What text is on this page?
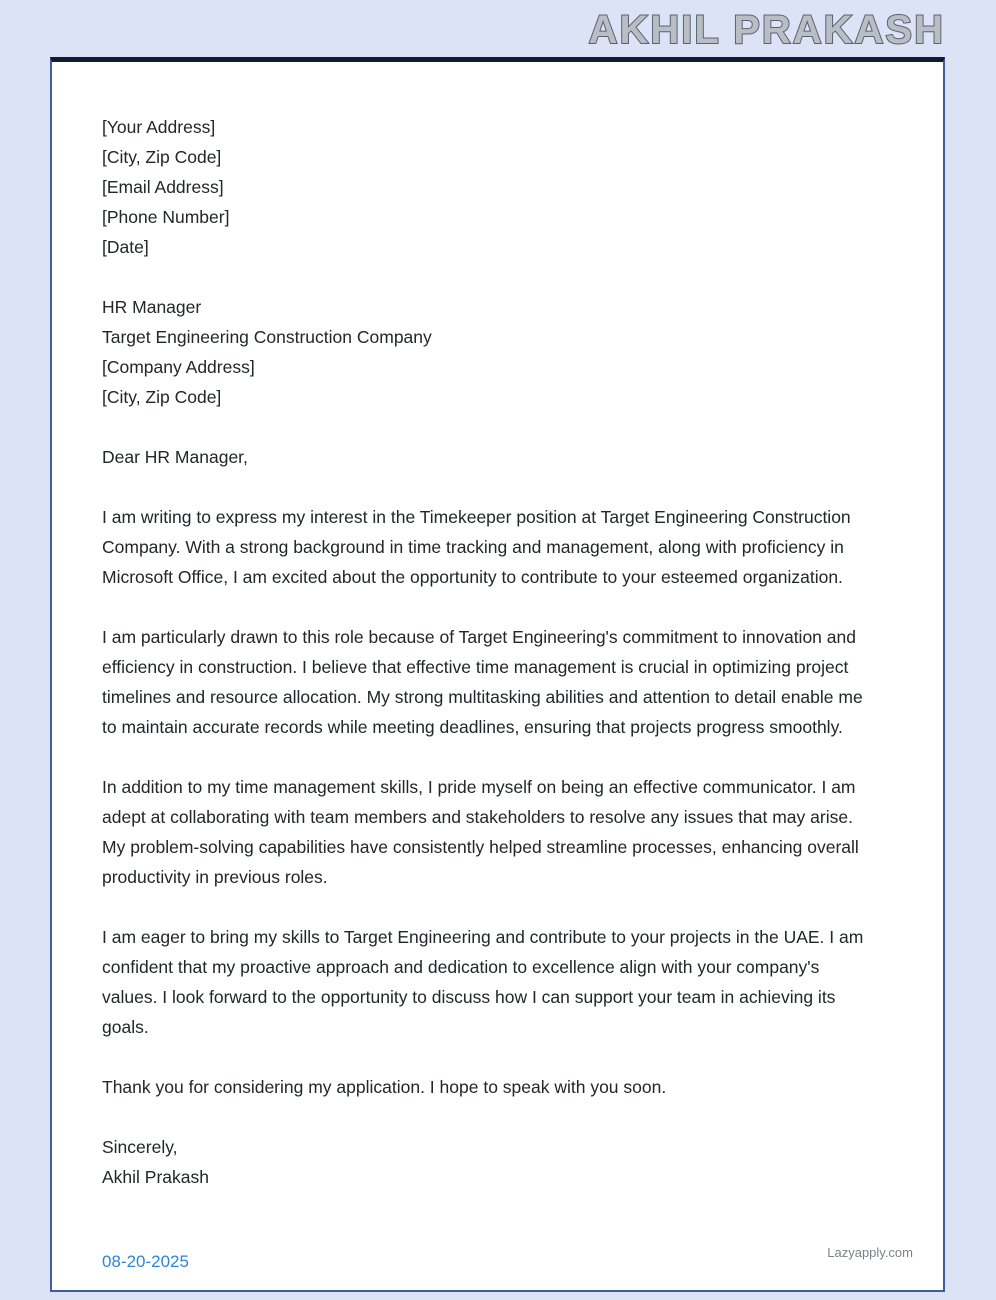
AKHIL PRAKASH

[Your Address]

[City, Zip Code]

[Email Address]

[Phone Number]

[Date]

HR Manager

Target Engineering Construction Company

[Company Address]

[City, Zip Code]

Dear HR Manager,

I am writing to express my interest in the Timekeeper position at Target Engineering Construction Company. With a strong background in time tracking and management, along with proficiency in Microsoft Office, I am excited about the opportunity to contribute to your esteemed organization.

I am particularly drawn to this role because of Target Engineering's commitment to innovation and efficiency in construction. I believe that effective time management is crucial in optimizing project timelines and resource allocation. My strong multitasking abilities and attention to detail enable me to maintain accurate records while meeting deadlines, ensuring that projects progress smoothly.

In addition to my time management skills, I pride myself on being an effective communicator. I am adept at collaborating with team members and stakeholders to resolve any issues that may arise. My problem-solving capabilities have consistently helped streamline processes, enhancing overall productivity in previous roles.

I am eager to bring my skills to Target Engineering and contribute to your projects in the UAE. I am confident that my proactive approach and dedication to excellence align with your company's values. I look forward to the opportunity to discuss how I can support your team in achieving its goals.

Thank you for considering my application. I hope to speak with you soon.

Sincerely,

Akhil Prakash

08-20-2025	Lazyapply.com
